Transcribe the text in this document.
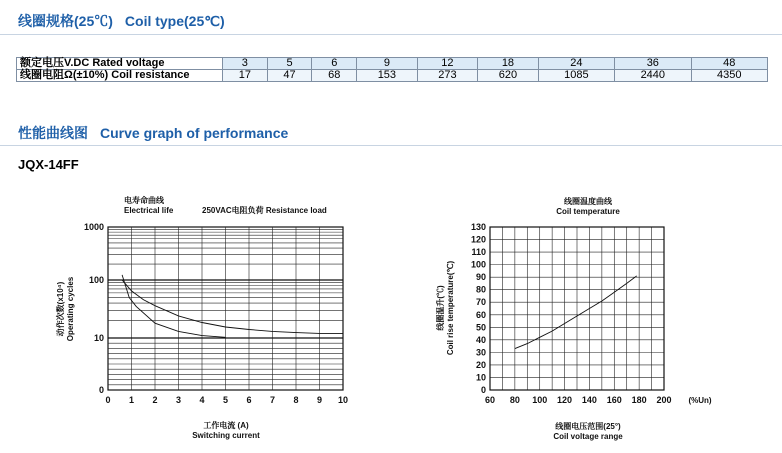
线圈规格(25℃) Coil type(25℃)
额定电压V.DC Rated voltage	3	5	6	9	12	18	24	36	48
线圈电阻Ω(±10%) Coil resistance	17	47	68	153	273	620	1085	2440	4350
性能曲线图 Curve graph of performance
JQX-14FF
0 1 2 3 4 5 6 7 8 9 10
0
10
100
1000
电寿命曲线
Electrical life	250VAC电阻负荷 Resistance load
工作电流 (A)
Switching current
动作次数(x10⁴) Operating cycles
60 80 100 120 140 160 180 200
0
10
20
30
40
50
60
70
80
90
100
110
120
130
线圈温度曲线
Coil temperature
(%Un)
线圈电压范围(25°)
Coil voltage range
线圈温升(℃) Coil rise temperature(℃)
